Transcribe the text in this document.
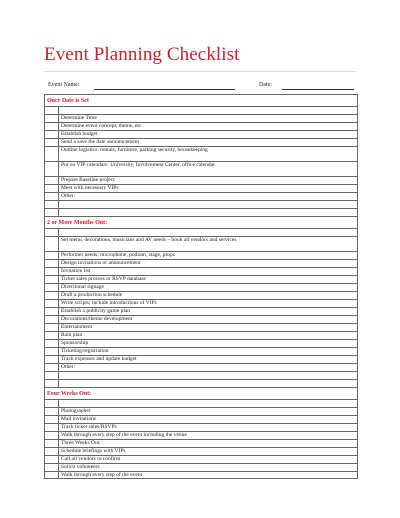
Event Planning Checklist
Event Name:	Date:
Once Date is Set
Determine Time
Determine event concept, theme, etc.
Establish budget
Send a save the date announcement
Outline logistics: rentals, furniture, parking security, housekeeping
Put on VIP calendars: University, Involvement Center, office calendar
Prepare Baseline project
Meet with necessary VIPs
Other:
2 or More Months Out:
Set menu, decorations, musicians and AV needs – book all vendors and services
Performer needs; microphone, podium, stage, props
Design invitations or announcement
Invitation list
Ticket sales process or RSVP database
Directional signage
Draft a production schedule
Write scripts; include introductions of VIPs
Establish a publicity game plan
Decorations/theme development
Entertainment
Rain plan
Sponsorship
Ticketing/registration
Track expenses and update budget
Other:
Four Weeks Out:
Photographer
Mail invitations
Track ticket sales/RSVPs
Walk through every step of the event including the venue
Three Weeks Out:
Schedule briefings with VIPs
Call all vendors to confirm
Solicit volunteers
Walk through every step of the event
